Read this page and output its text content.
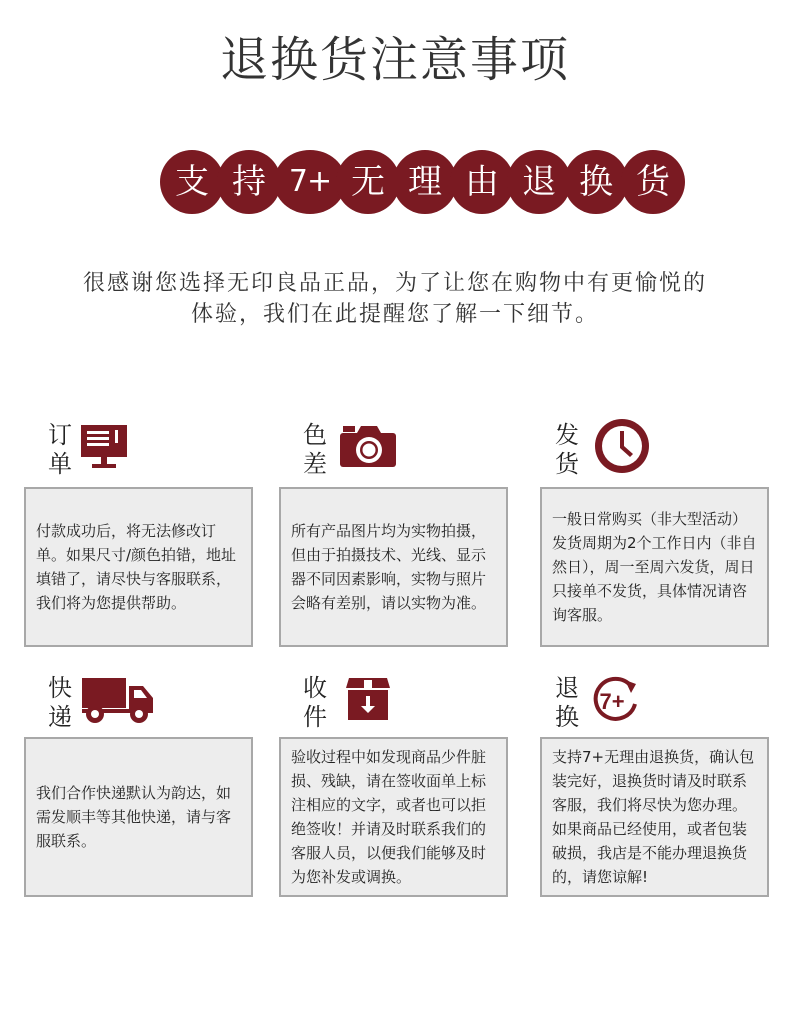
退换货注意事项
支 持 7+ 无 理 由 退 换 货
很感谢您选择无印良品正品，为了让您在购物中有更愉悦的
体验，我们在此提醒您了解一下细节。
订
单

付款成功后，将无法修改订单。如果尺寸/颜色拍错，地址填错了，请尽快与客服联系，我们将为您提供帮助。

色
差

所有产品图片均为实物拍摄，但由于拍摄技术、光线、显示器不同因素影响，实物与照片会略有差别，请以实物为准。

发
货

一般日常购买（非大型活动）发货周期为2个工作日内（非自然日），周一至周六发货，周日只接单不发货，具体情况请咨询客服。

快
递

我们合作快递默认为韵达，如需发顺丰等其他快递，请与客服联系。

收
件

验收过程中如发现商品少件脏损、残缺，请在签收面单上标注相应的文字，或者也可以拒绝签收！并请及时联系我们的客服人员，以便我们能够及时为您补发或调换。

退
换
7+

支持7+无理由退换货，确认包装完好，退换货时请及时联系客服，我们将尽快为您办理。如果商品已经使用，或者包装破损，我店是不能办理退换货的，请您谅解!
